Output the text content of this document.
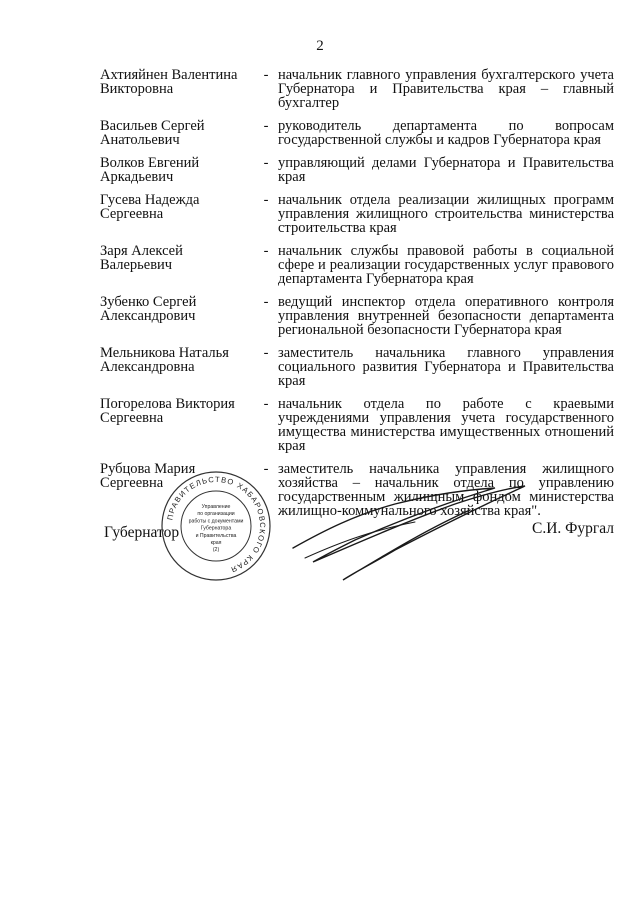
2
Ахтияйнен Валентина Викторовна
- начальник главного управления бухгалтерского учета Губернатора и Правительства края – главный бухгалтер
Васильев Сергей Анатольевич
- руководитель департамента по вопросам государственной службы и кадров Губернатора края
Волков Евгений Аркадьевич
- управляющий делами Губернатора и Правительства края
Гусева Надежда Сергеевна
- начальник отдела реализации жилищных программ управления жилищного строительства министерства строительства края
Заря Алексей Валерьевич
- начальник службы правовой работы в социальной сфере и реализации государственных услуг правового департамента Губернатора края
Зубенко Сергей Александрович
- ведущий инспектор отдела оперативного контроля управления внутренней безопасности департамента региональной безопасности Губернатора края
Мельникова Наталья Александровна
- заместитель начальника главного управления социального развития Губернатора и Правительства края
Погорелова Виктория Сергеевна
- начальник отдела по работе с краевыми учреждениями управления учета государственного имущества министерства имущественных отношений края
Рубцова Мария Сергеевна
- заместитель начальника управления жилищного хозяйства – начальник отдела по управлению государственным жилищным фондом министерства жилищно-коммунального хозяйства края".
Губернатор	С.И. Фургал
ПРАВИТЕЛЬСТВО ХАБАРОВСКОГО КРАЯ
Управление
по организации
работы с документами
Губернатора
и Правительства
края
(2)
